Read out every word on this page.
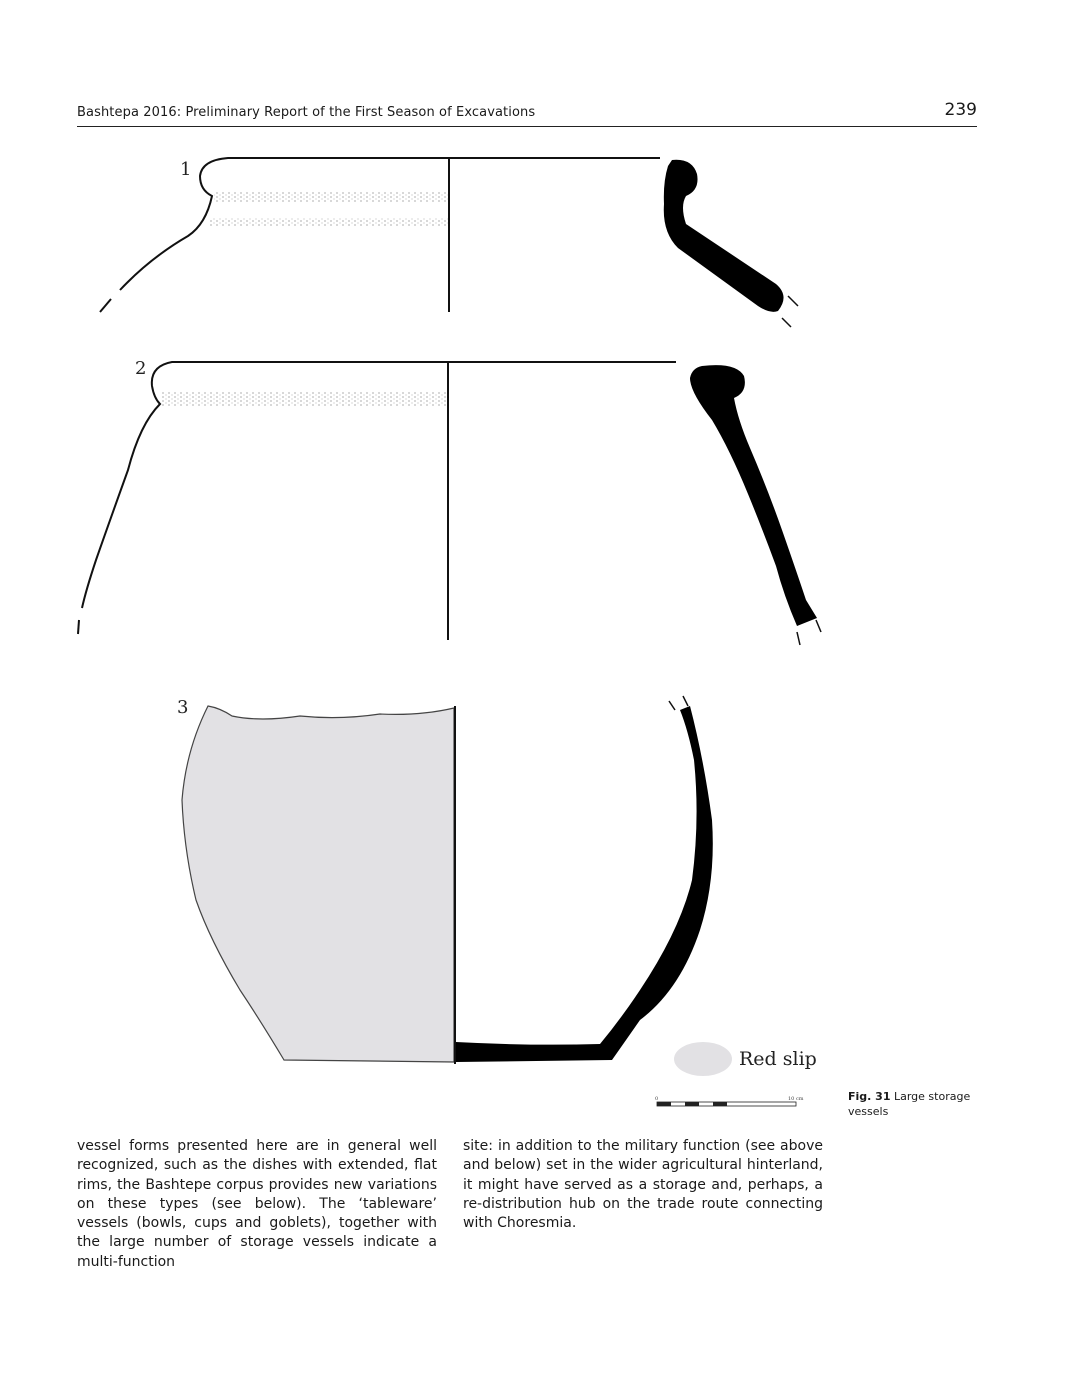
Bashtepa 2016: Preliminary Report of the First Season of Excavations	239
1
2
3
Red slip
0	10 cm	Fig. 31 Large storage vessels
vessel forms presented here are in general well recognized, such as the dishes with extended, flat rims, the Bashtepe corpus provides new variations on these types (see below). The ‘tableware’ vessels (bowls, cups and goblets), together with the large number of storage vessels indicate a multi-function
site: in addition to the military function (see above and below) set in the wider agricultural hinterland, it might have served as a storage and, perhaps, a re-distribution hub on the trade route connecting with Choresmia.
